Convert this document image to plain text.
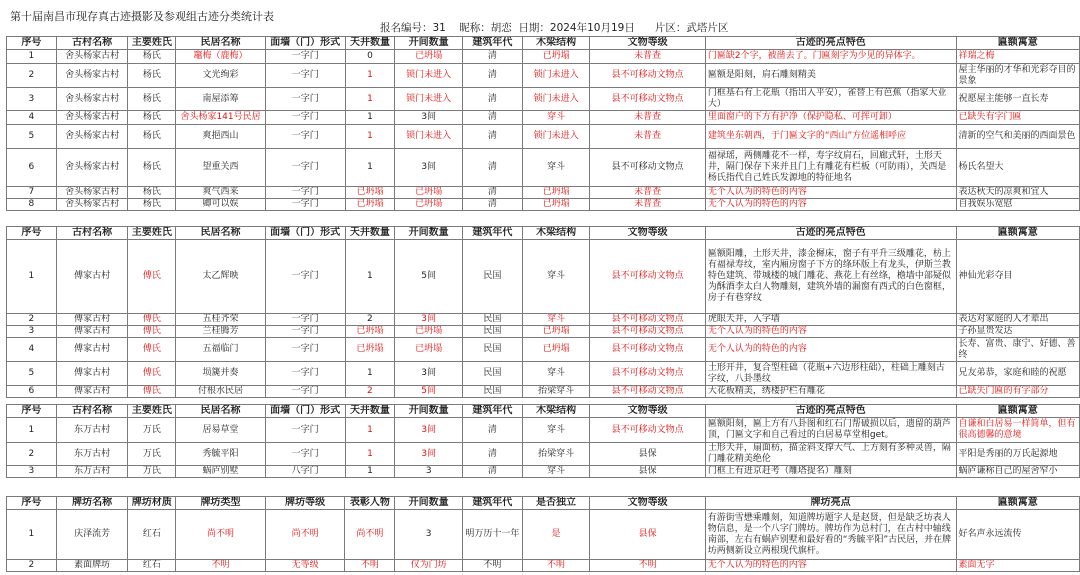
第十届南昌市现存真古迹摄影及参观组古迹分类统计表
报名编号：31    昵称：胡恋  日期：2024年10月19日      片区：武塔片区
序号	古村名称	主要姓氏	民居名称	面墙（门）形式	天井数量	开间数量	建筑年代	木梁结构	文物等级	古迹的亮点特色	匾额寓意
1	舍头杨家古村	杨氏	竈梅（鹿梅）	一字门	0	已坍塌	清	已坍塌	未普查	门匾缺2个字，被凿去了。门匾刻字为少见的异体字。	祥瑞之梅
2	舍头杨家古村	杨氏	文光绚彩	一字门	1	锁门未进入	清	锁门未进入	县不可移动文物点	匾额是阳刻，肩石雕刻精美	屋主华丽的才华和光彩夺目的景象
3	舍头杨家古村	杨氏	南屋添筹	一字门	1	锁门未进入	清	锁门未进入	县不可移动文物点	门框基石有上花瓶（指出入平安），雀替上有芭蕉（指家大业大）	祝愿屋主能够一直长寿
4	舍头杨家古村	杨氏	舍头杨家141号民居	一字门	1	3间	清	穿斗	未普查	里面窗户的下方有护净（保护隐私、可挥可卸）	已缺失有字门匾
5	舍头杨家古村	杨氏	爽挹西山	一字门	1	锁门未进入	清	锁门未进入	未普查	建筑坐东朝西，于门匾文字的“西山”方位遥相呼应	清新的空气和美丽的西面景色
6	舍头杨家古村	杨氏	望重关西	一字门	1	3间	清	穿斗	县不可移动文物点	福禄瑶，两侧雕花不一样，寿字纹肩石，回廊式轩，土形天井，隔门保存下来并且门上有雕花有栏板（可防雨），关西是杨氏指代自己姓氏发源地的特征地名	杨氏名望大
7	舍头杨家古村	杨氏	爽气西来	一字门	已坍塌	已坍塌	清	已坍塌	未普查	无个人认为的特色的内容	表达秋天的凉爽和宜人
8	舍头杨家古村	杨氏	卿可以娱	一字门	已坍塌	已坍塌	清	已坍塌	未普查	无个人认为的特色的内容	自我娱乐宽慰
序号	古村名称	主要姓氏	民居名称	面墙（门）形式	天井数量	开间数量	建筑年代	木梁结构	文物等级	古迹的亮点特色	匾额寓意
1	傅家古村	傅氏	太乙辉映	一字门	1	5间	民国	穿斗	县不可移动文物点	匾额阳雕，土形天井，漆金樨床，窗子有平升三级雕花，枋上有福禄寿纹，室内厢房窗子下方的绦环版上有龙头，伊斯兰教特色建筑、带城楼的城门雕花、燕花上有丝绦，檐墙中部疑似为酥酒李太白人物雕刻，建筑外墙的漏窗有西式的白色窗框，房子有巷穿纹	神仙光彩夺目
2	傅家古村	傅氏	五桂齐荣	一字门	2	3间	民国	穿斗	县不可移动文物点	虎眼天井，入字墙	表达对家庭的人才辈出
3	傅家古村	傅氏	兰桂腾芳	一字门	已坍塌	已坍塌	民国	已坍塌	县不可移动文物点	无个人认为的特色的内容	子孙显贵发达
4	傅家古村	傅氏	五福临门	一字门	已坍塌	已坍塌	民国	已坍塌	县不可移动文物点	无个人认为的特色的内容	长寿、富贵、康宁、好德、善终
5	傅家古村	傅氏	埙篪并奏	一字门	1	3间	民国	穿斗	县不可移动文物点	土形开井，复合型柱础（花瓶+六边形柱础），柱础上雕刻古字纹，八卦墨纹	兄友弟恭，家庭和睦的祝愿
6	傅家古村	傅氏	付根水民居	一字门	2	5间	民国	抬梁穿斗	县不可移动文物点	大花板精美，绣楼护栏有雕花	已缺失门匾的有字部分
序号	古村名称	主要姓氏	民居名称	面墙（门）形式	天井数量	开间数量	建筑年代	木梁结构	文物等级	古迹的亮点特色	匾额寓意
1	东万古村	万氏	居易草堂	一字门	1	3间	清	穿斗	县不可移动文物点	匾额阳刻，匾上方有八卦图和红石门帮破损以后，遗留的葫芦顶，门匾文字和自己看过的白居易草堂相get。	自谦和白居易一样简单，但有很高德馨的意境
2	东万古村	万氏	秀毓平阳	一字门	1	3间	清	抬梁穿斗	县保	土形天井，扇面枋，描金斜支撑大气、上方刻有多种灵兽，隔门雕花精美绝伦	平阳是秀丽的万氏起源地
3	东万古村	万氏	蜗庐别墅	八字门	1	3	清	穿斗	县保	门框上有进京赶考（雕塔提名）雕刻	蜗庐谦称自己的屋舍窄小
序号	牌坊名称	牌坊材质	牌坊类型	牌坊等级	表彰人物	开间数量	建筑年代	是否独立	文物等级	牌坊亮点	匾额寓意
1	庆泽流芳	红石	尚不明	尚不明	尚不明	3	明万历十一年	是	县保	有游街雪懋乘雕刻，知道牌坊题字人是赵贤，但是缺乏坊表人物信息，是一个八字门牌坊。牌坊作为总村门，在古村中轴线南部，左右有蜗庐别墅和最好看的“秀毓平阳”古民居，并在牌坊两侧新设立两根现代旗杆。	好名声永远流传
2	素面牌坊	红石	不明	无等级	不明	仅为门坊	不明	不明	不明	无个人认为的特色的内容	素面无字
